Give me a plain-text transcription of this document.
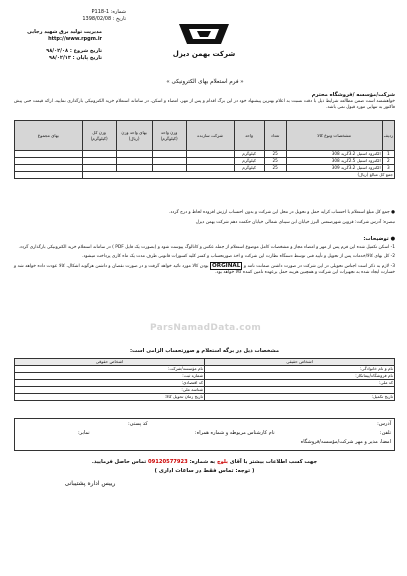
شماره: P118-1
تاریخ : 1398/02/08
مدیریت تولید برق شهید رجایی
http://www.rpgm.ir
تاریخ شروع : ۹۸/۰۲/۰۸
تاریخ پایان : ۹۸/۰۲/۱۳	شرکت بهمن دیزل
« فرم استعلام بهای الکترونیکی »
شرکت/مؤسسه /فروشگاه محترم
خواهشمند است ضمن مطالعه شرایط ذیل با دقت نسبت به اعلام بهترین پیشنهاد خود در این برگ اقدام و پس از مهر، امضاء و اسکن، در سامانه استعلام خرید الکترونیکی بارگذاری نمایید، ارائه قیمت حتی پیش فاکتور به تنهایی مورد قبول نمی باشد.
ردیف	مشخصات ونوع کالا	تعداد	واحد	شرکت سازنده	وزن واحد (کیلوگرم)	بهای واحد وزن (ریال)	وزن کل (کیلوگرم)	بهای مجموع
1	الکترود استیل 3.2گرید 308	25	کیلوگرم					
2	الکترود استیل 2.5گرید 308	25	کیلوگرم					
3	الکترود استیل 3.2گرید 309	25	کیلوگرم					
جمع کل مبالغ (ریال)								
● جمع کل مبلغ استعلام با احتساب کرایه حمل و تحویل در محل این شرکت و بدون احتساب ارزش افزوده لحاظ و درج گردد.
تبصره: آدرس شرکت: قزوین شهرصنعتی البرز خیابان ابن سینای شمالی خیابان حکمت دهم شرکت بهمن دیزل
● توضیحات:
1- اسکن تکمیل شده این فرم پس از مهر و امضاء مجاز و مشخصات کامل موضوع استعلام از جمله عکس و کاتالوگ پیوست شود و (بصورت یک فایل PDF ) در سامانه استعلام خرید الکترونیکی بارگذاری گردد.
2- کل بهای کالا/خدمات پس از تحویل و تأیید فنی توسط دستگاه نظارت این شرکت و اخذ صورتحساب و کسر کلیه کسورات قانونی ظرف مدت یک ماه کاری پرداخت میشود.
3- لازم به ذکر است اجناس تحویلی در این شرکت در صورت داشتن ضمانت نامه و ORGINAL بودن کالا مورد تائید خواهد گرفت و در صورت نقصان و داشتن هرگونه اشکال، کالا عودت داده خواهد شد و خسارت ایجاد شده به تجهیزات این شرکت و همچنین هزینه حمل برعهده تامین کننده کالا خواهد بود.
ParsNamadData.com
مشخصات ذیل در برگه استعلام و صورتحساب الزامی است:
اشخاص حقیقی	اشخاص حقوقی
نام و نام خانوادگی:	نام مؤسسه/شرکت:
نام فروشگاه/پیمانکار:	شماره ثبت:
کد ملی:	کد اقتصادی:
	شناسه ملی:
تاریخ تکمیل:	تاریخ زمان تحویل کالا:
آدرس:
کد پستی:
تلفن:
نام کارشناس مربوطه و شماره همراه:
نمابر:
امضا، مدیر و مهر شرکت/مؤسسه/فروشگاه
جهت کسب اطلاعات بیشتر با آقای بلوچ به شماره: 09120577923 تماس حاصل فرمایید.
( توجه: تماس فقط در ساعات اداری )
رییس اداره پشتیبانی
